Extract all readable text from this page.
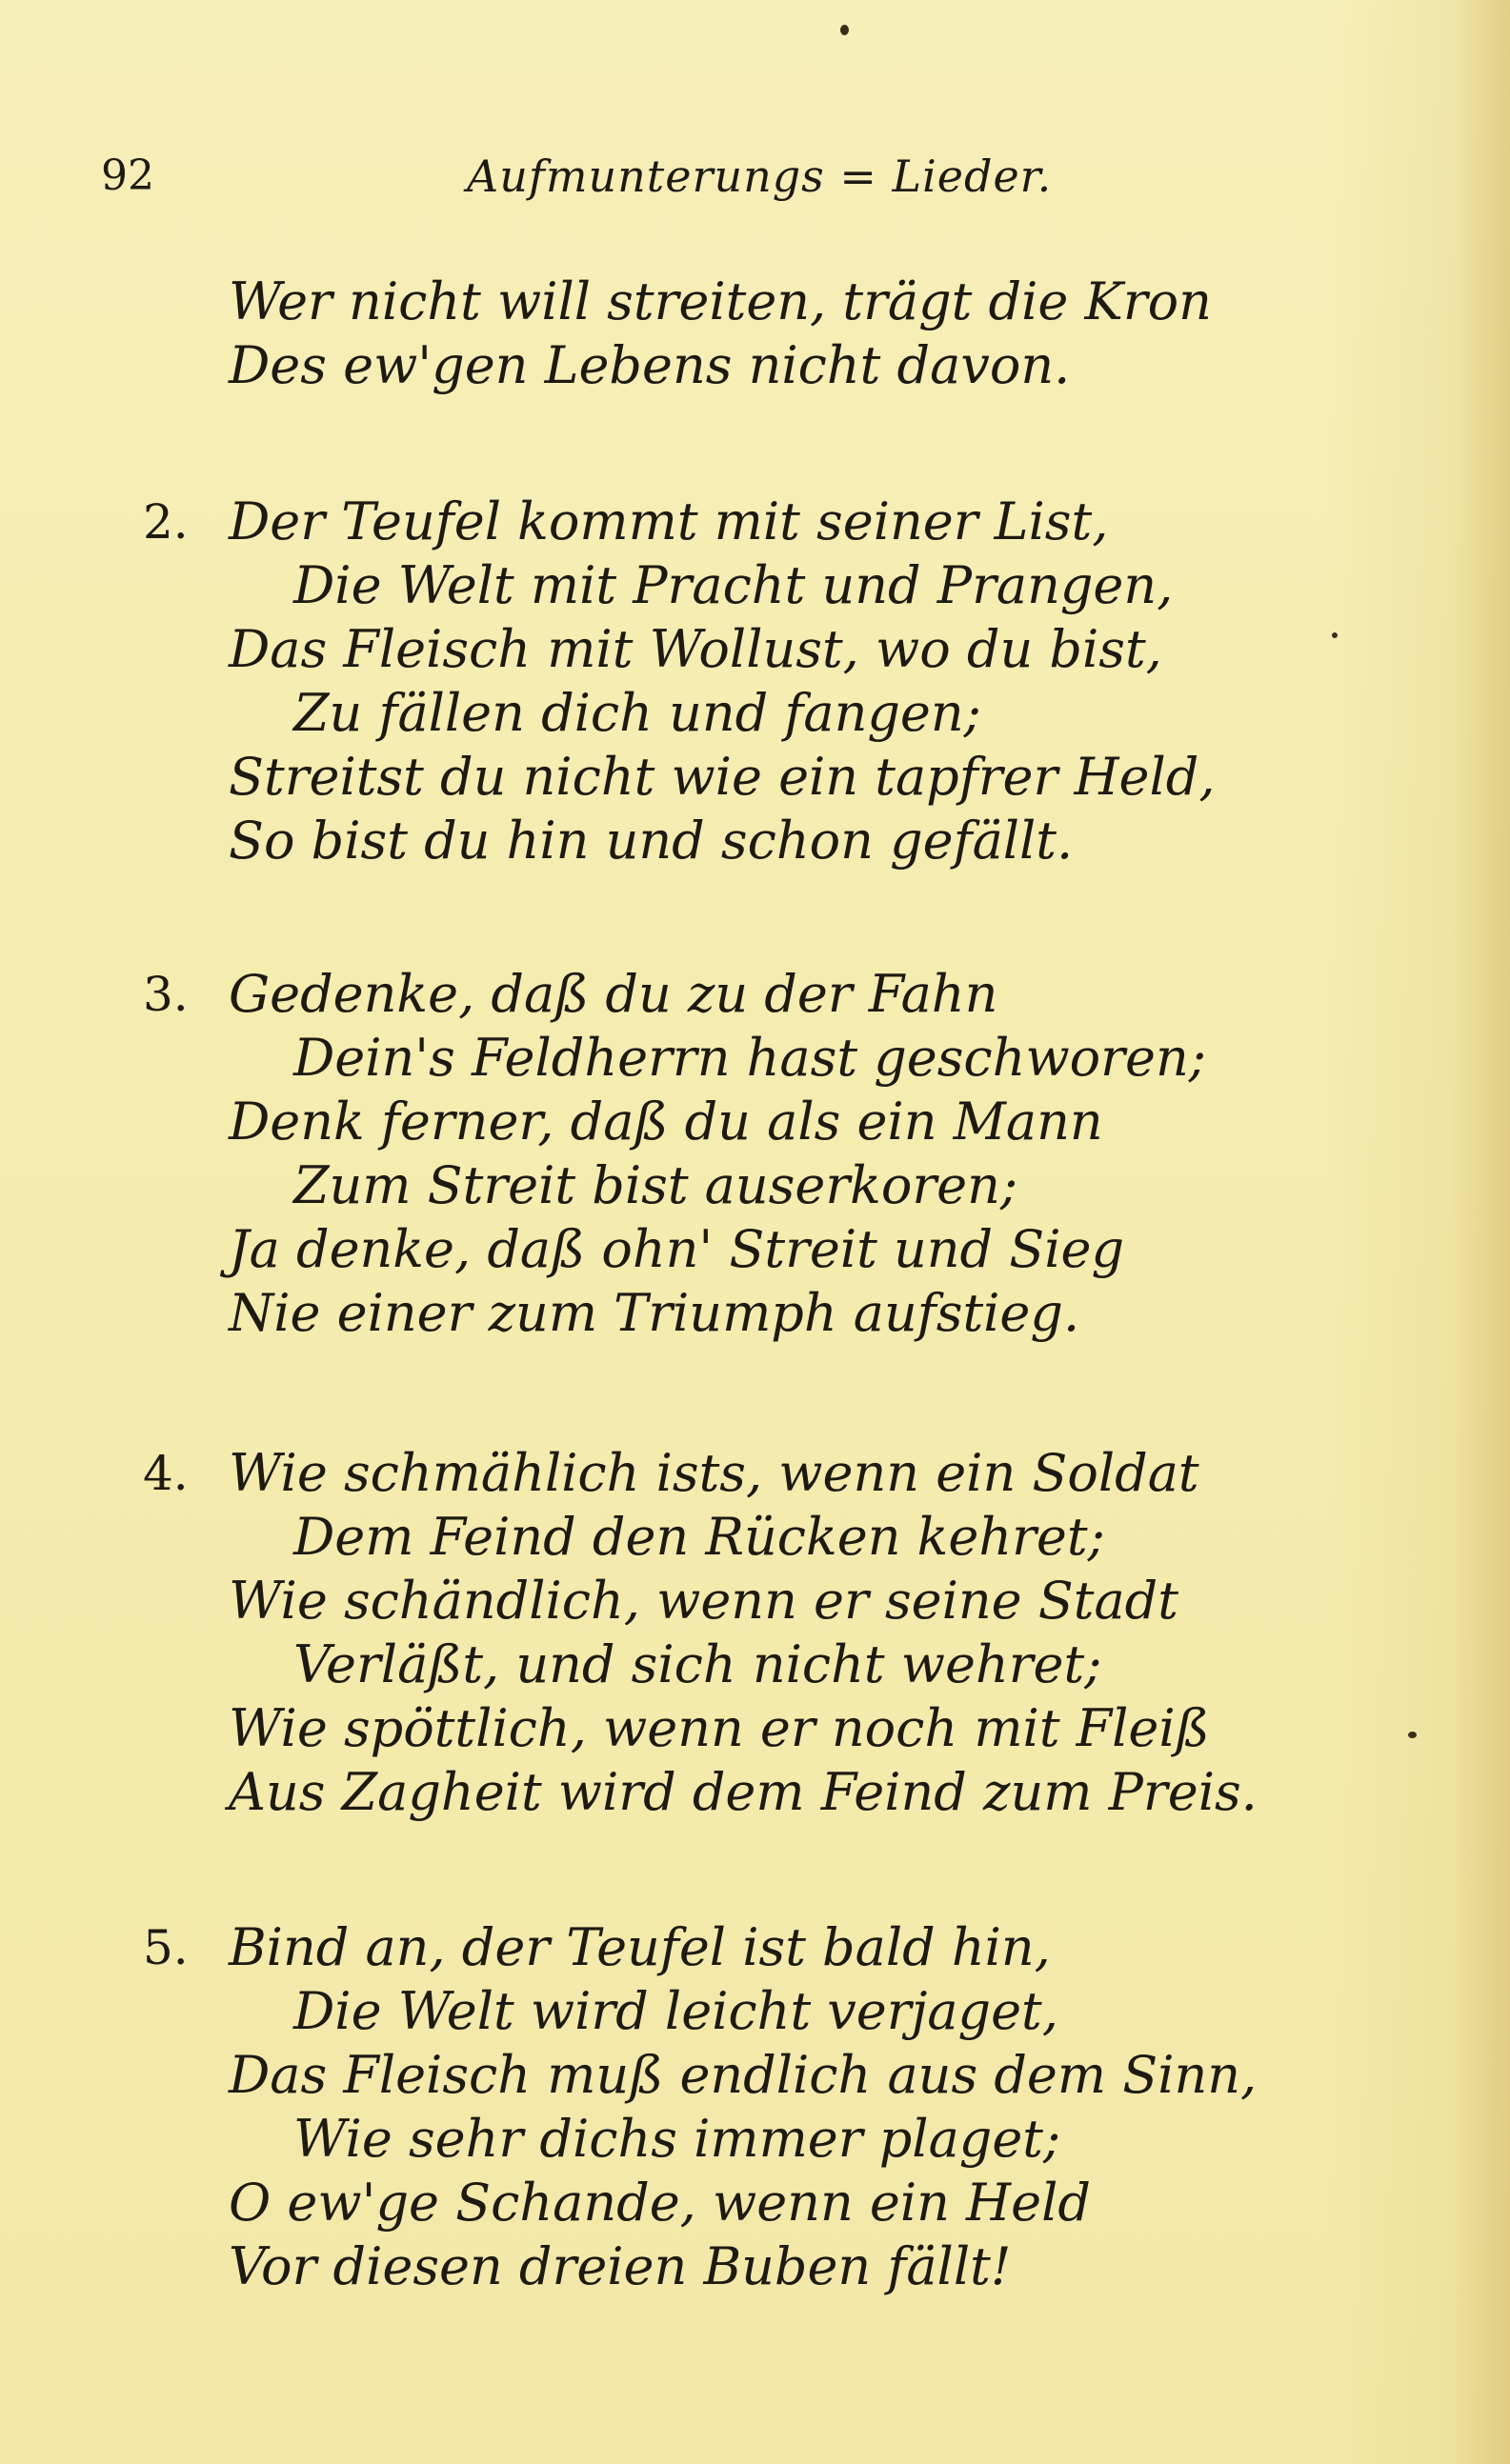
92	Aufmunterungs = Lieder.
Wer nicht will streiten, trägt die Kron
Des ew'gen Lebens nicht davon.
2. Der Teufel kommt mit seiner List,
Die Welt mit Pracht und Prangen,
Das Fleisch mit Wollust, wo du bist,
Zu fällen dich und fangen;
Streitst du nicht wie ein tapfrer Held,
So bist du hin und schon gefällt.
3. Gedenke, daß du zu der Fahn
Dein's Feldherrn hast geschworen;
Denk ferner, daß du als ein Mann
Zum Streit bist auserkoren;
Ja denke, daß ohn' Streit und Sieg
Nie einer zum Triumph aufstieg.
4. Wie schmählich ists, wenn ein Soldat
Dem Feind den Rücken kehret;
Wie schändlich, wenn er seine Stadt
Verläßt, und sich nicht wehret;
Wie spöttlich, wenn er noch mit Fleiß
Aus Zagheit wird dem Feind zum Preis.
5. Bind an, der Teufel ist bald hin,
Die Welt wird leicht verjaget,
Das Fleisch muß endlich aus dem Sinn,
Wie sehr dichs immer plaget;
O ew'ge Schande, wenn ein Held
Vor diesen dreien Buben fällt!
